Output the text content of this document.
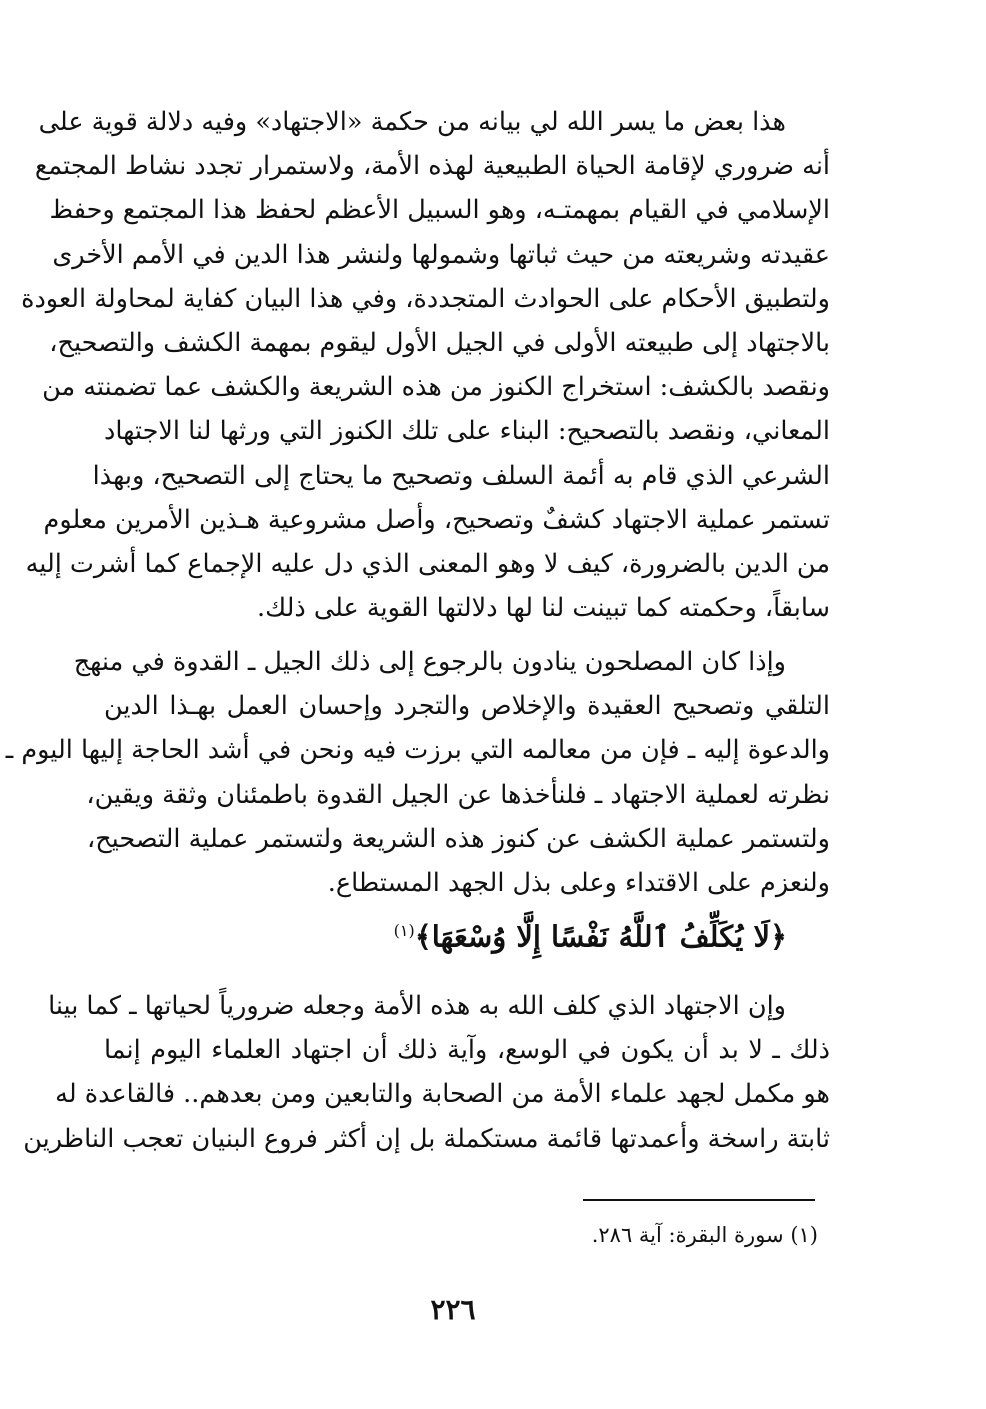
هذا بعض ما يسر الله لي بيانه من حكمة «الاجتهاد» وفيه دلالة قوية على
أنه ضروري لإقامة الحياة الطبيعية لهذه الأمة، ولاستمرار تجدد نشاط المجتمع
الإسلامي في القيام بمهمتـه، وهو السبيل الأعظم لحفظ هذا المجتمع وحفظ
عقيدته وشريعته من حيث ثباتها وشمولها ولنشر هذا الدين في الأمم الأخرى
ولتطبيق الأحكام على الحوادث المتجددة، وفي هذا البيان كفاية لمحاولة العودة
بالاجتهاد إلى طبيعته الأولى في الجيل الأول ليقوم بمهمة الكشف والتصحيح،
ونقصد بالكشف: استخراج الكنوز من هذه الشريعة والكشف عما تضمنته من
المعاني، ونقصد بالتصحيح: البناء على تلك الكنوز التي ورثها لنا الاجتهاد
الشرعي الذي قام به أئمة السلف وتصحيح ما يحتاج إلى التصحيح، وبهذا
تستمر عملية الاجتهاد كشفٌ وتصحيح، وأصل مشروعية هـذين الأمرين معلوم
من الدين بالضرورة، كيف لا وهو المعنى الذي دل عليه الإجماع كما أشرت إليه
سابقاً، وحكمته كما تبينت لنا لها دلالتها القوية على ذلك.
وإذا كان المصلحون ينادون بالرجوع إلى ذلك الجيل ـ القدوة في منهج
التلقي وتصحيح العقيدة والإخلاص والتجرد وإحسان العمل بهـذا الدين
والدعوة إليه ـ فإن من معالمه التي برزت فيه ونحن في أشد الحاجة إليها اليوم ـ
نظرته لعملية الاجتهاد ـ فلنأخذها عن الجيل القدوة باطمئنان وثقة ويقين،
ولتستمر عملية الكشف عن كنوز هذه الشريعة ولتستمر عملية التصحيح،
ولنعزم على الاقتداء وعلى بذل الجهد المستطاع.
﴿لَا يُكَلِّفُ ٱللَّهُ نَفْسًا إِلَّا وُسْعَهَا﴾$^{(١)}$
وإن الاجتهاد الذي كلف الله به هذه الأمة وجعله ضرورياً لحياتها ـ كما بينا
ذلك ـ لا بد أن يكون في الوسع، وآية ذلك أن اجتهاد العلماء اليوم إنما
هو مكمل لجهد علماء الأمة من الصحابة والتابعين ومن بعدهم.. فالقاعدة له
ثابتة راسخة وأعمدتها قائمة مستكملة بل إن أكثر فروع البنيان تعجب الناظرين
(١) سورة البقرة: آية ٢٨٦.
٢٢٦
